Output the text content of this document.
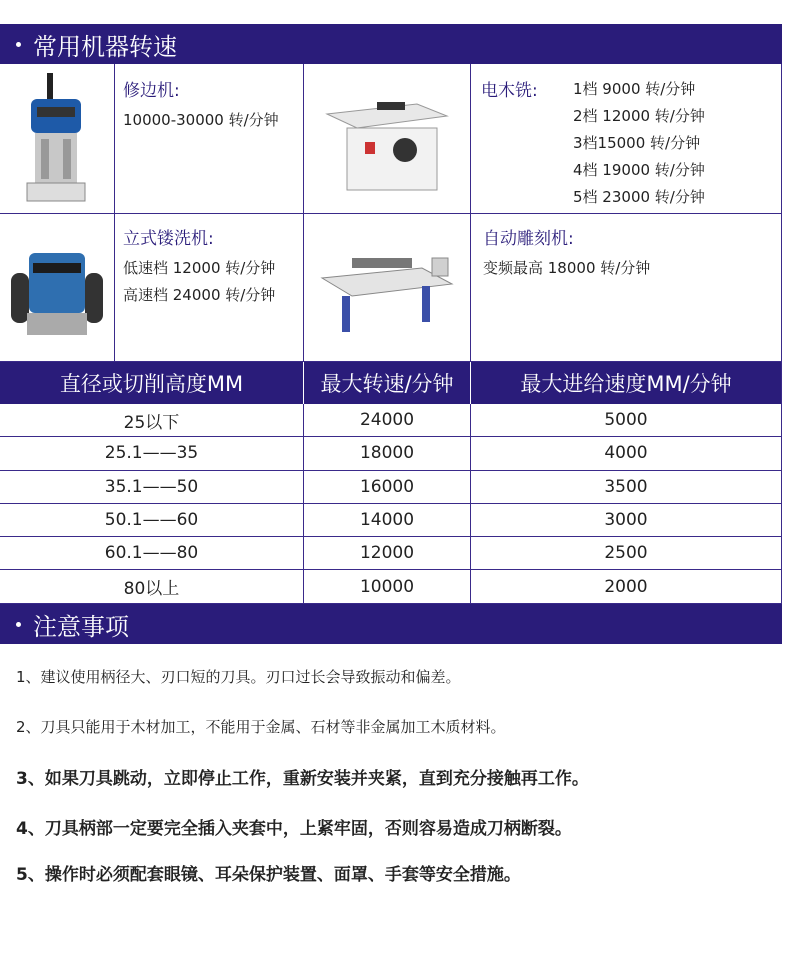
常用机器转速
修边机:
10000-30000 转/分钟
电木铣:	1档 9000 转/分钟
2档 12000 转/分钟
3档15000 转/分钟
4档 19000 转/分钟
5档 23000 转/分钟
立式镂洗机:
低速档 12000 转/分钟
高速档 24000 转/分钟
自动雕刻机:
变频最高 18000 转/分钟
直径或切削高度MM	最大转速/分钟	最大进给速度MM/分钟
25以下	24000	5000
25.1——35	18000	4000
35.1——50	16000	3500
50.1——60	14000	3000
60.1——80	12000	2500
80以上	10000	2000
注意事项
1、建议使用柄径大、刃口短的刀具。刃口过长会导致振动和偏差。
2、刀具只能用于木材加工，不能用于金属、石材等非金属加工木质材料。
3、如果刀具跳动，立即停止工作，重新安装并夹紧，直到充分接触再工作。
4、刀具柄部一定要完全插入夹套中，上紧牢固，否则容易造成刀柄断裂。
5、操作时必须配套眼镜、耳朵保护装置、面罩、手套等安全措施。
